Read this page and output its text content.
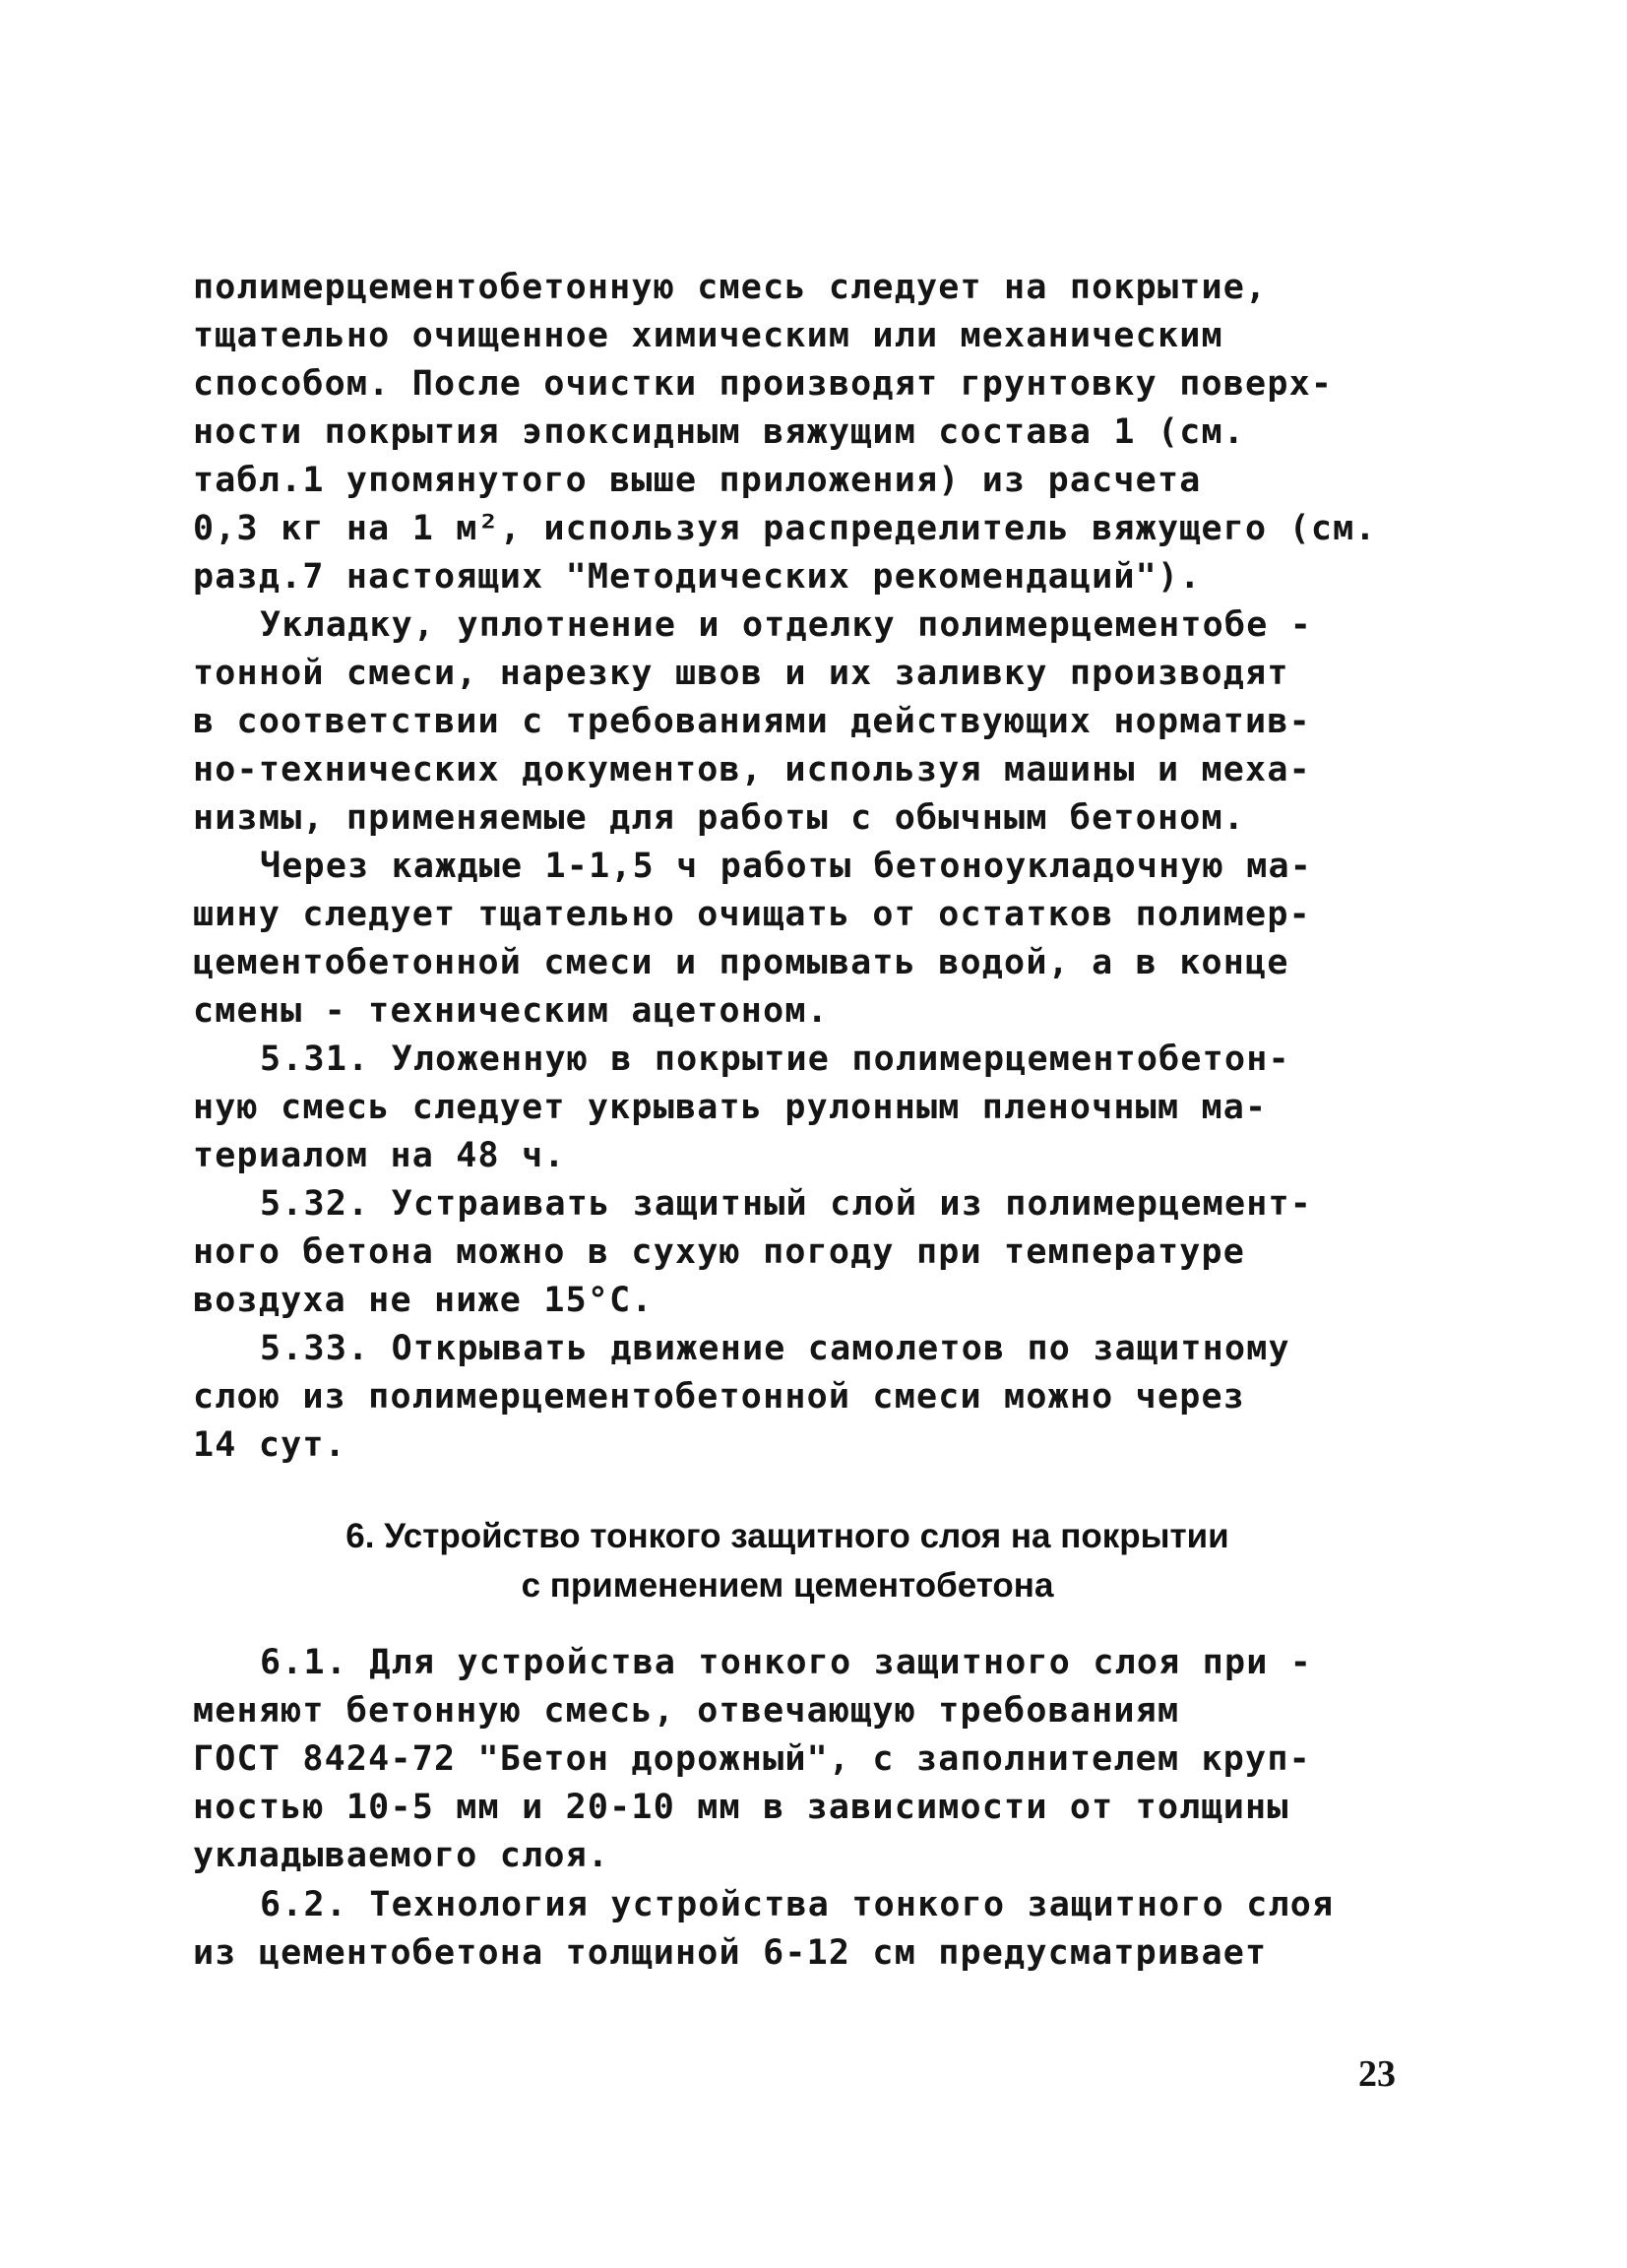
полимерцементобетонную смесь следует на покрытие,
тщательно очищенное химическим или механическим
способом. После очистки производят грунтовку поверх-
ности покрытия эпоксидным вяжущим состава 1 (см.
табл.1 упомянутого выше приложения) из расчета
0,3 кг на 1 м², используя распределитель вяжущего (см.
разд.7 настоящих "Методических рекомендаций").
Укладку, уплотнение и отделку полимерцементобе -
тонной смеси, нарезку швов и их заливку производят
в соответствии с требованиями действующих норматив-
но-технических документов, используя машины и меха-
низмы, применяемые для работы с обычным бетоном.
Через каждые 1-1,5 ч работы бетоноукладочную ма-
шину следует тщательно очищать от остатков полимер-
цементобетонной смеси и промывать водой, а в конце
смены - техническим ацетоном.
5.31. Уложенную в покрытие полимерцементобетон-
ную смесь следует укрывать рулонным пленочным ма-
териалом на 48 ч.
5.32. Устраивать защитный слой из полимерцемент-
ного бетона можно в сухую погоду при температуре
воздуха не ниже 15°С.
5.33. Открывать движение самолетов по защитному
слою из полимерцементобетонной смеси можно через
14 сут.
6. Устройство тонкого защитного слоя на покрытии
с применением цементобетона
6.1. Для устройства тонкого защитного слоя при -
меняют бетонную смесь, отвечающую требованиям
ГОСТ 8424-72 "Бетон дорожный", с заполнителем круп-
ностью 10-5 мм и 20-10 мм в зависимости от толщины
укладываемого слоя.
6.2. Технология устройства тонкого защитного слоя
из цементобетона толщиной 6-12 см предусматривает
23
